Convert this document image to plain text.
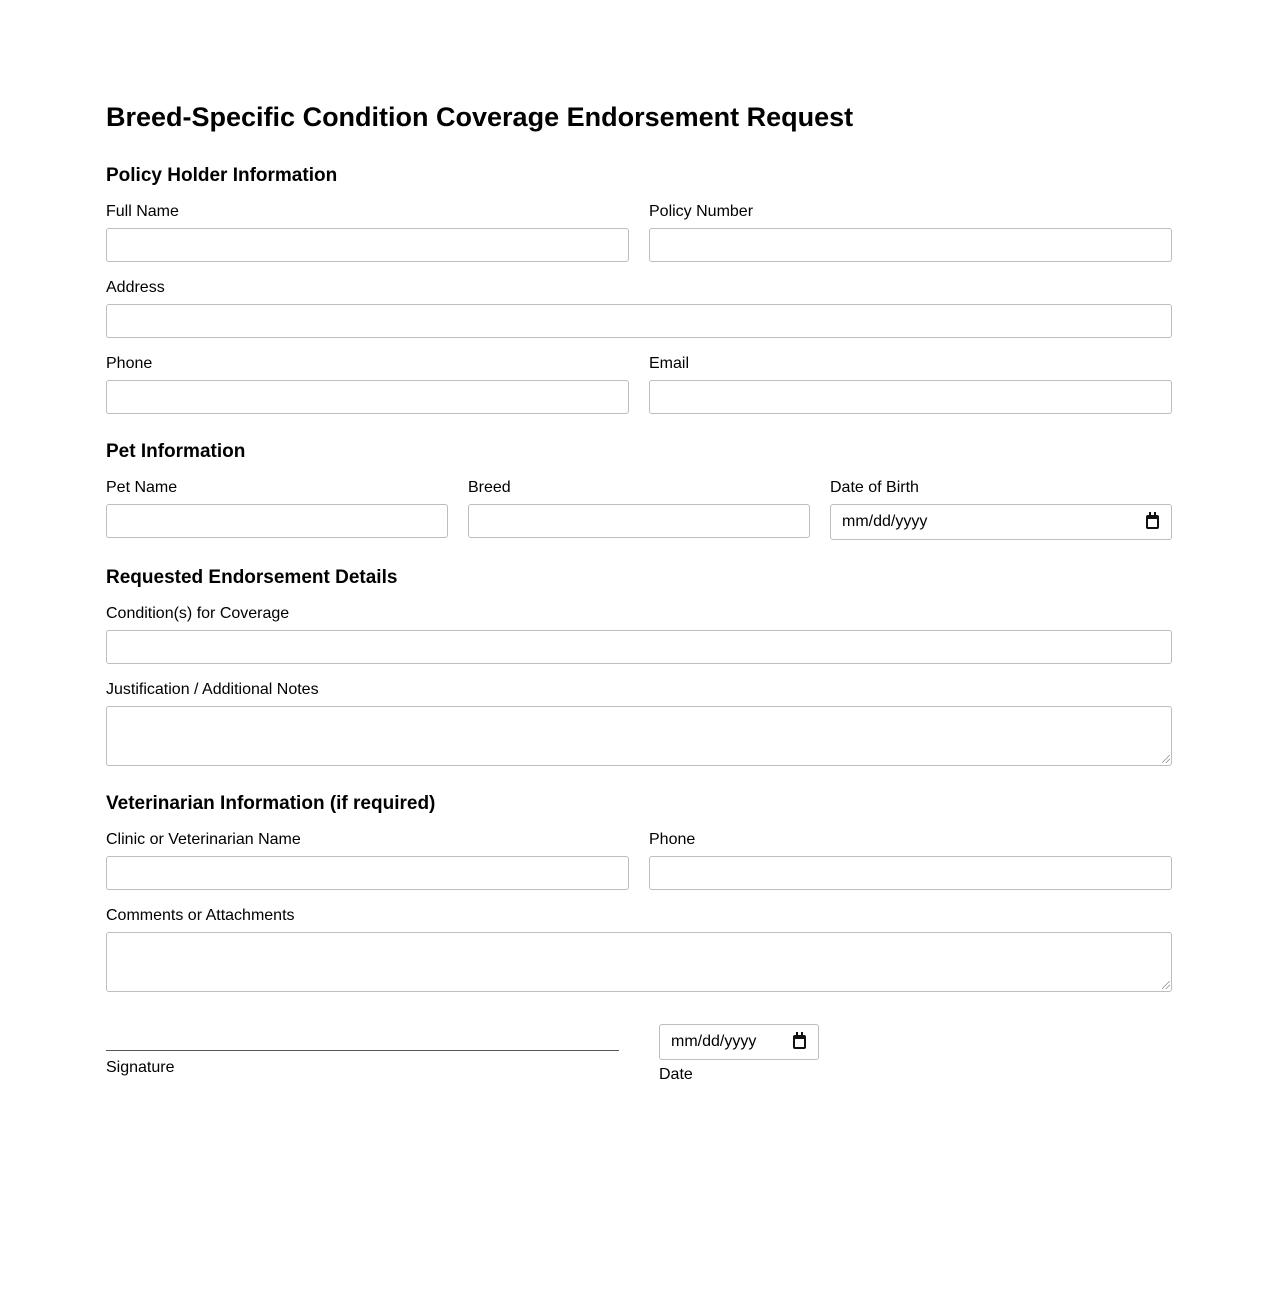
Breed-Specific Condition Coverage Endorsement Request
Policy Holder Information
Full Name	Policy Number
Address
Phone	Email
Pet Information
Pet Name	Breed	Date of Birth
mm/dd/yyyy
Requested Endorsement Details
Condition(s) for Coverage
Justification / Additional Notes
Veterinarian Information (if required)
Clinic or Veterinarian Name	Phone
Comments or Attachments
Signature
mm/dd/yyyy
Date
